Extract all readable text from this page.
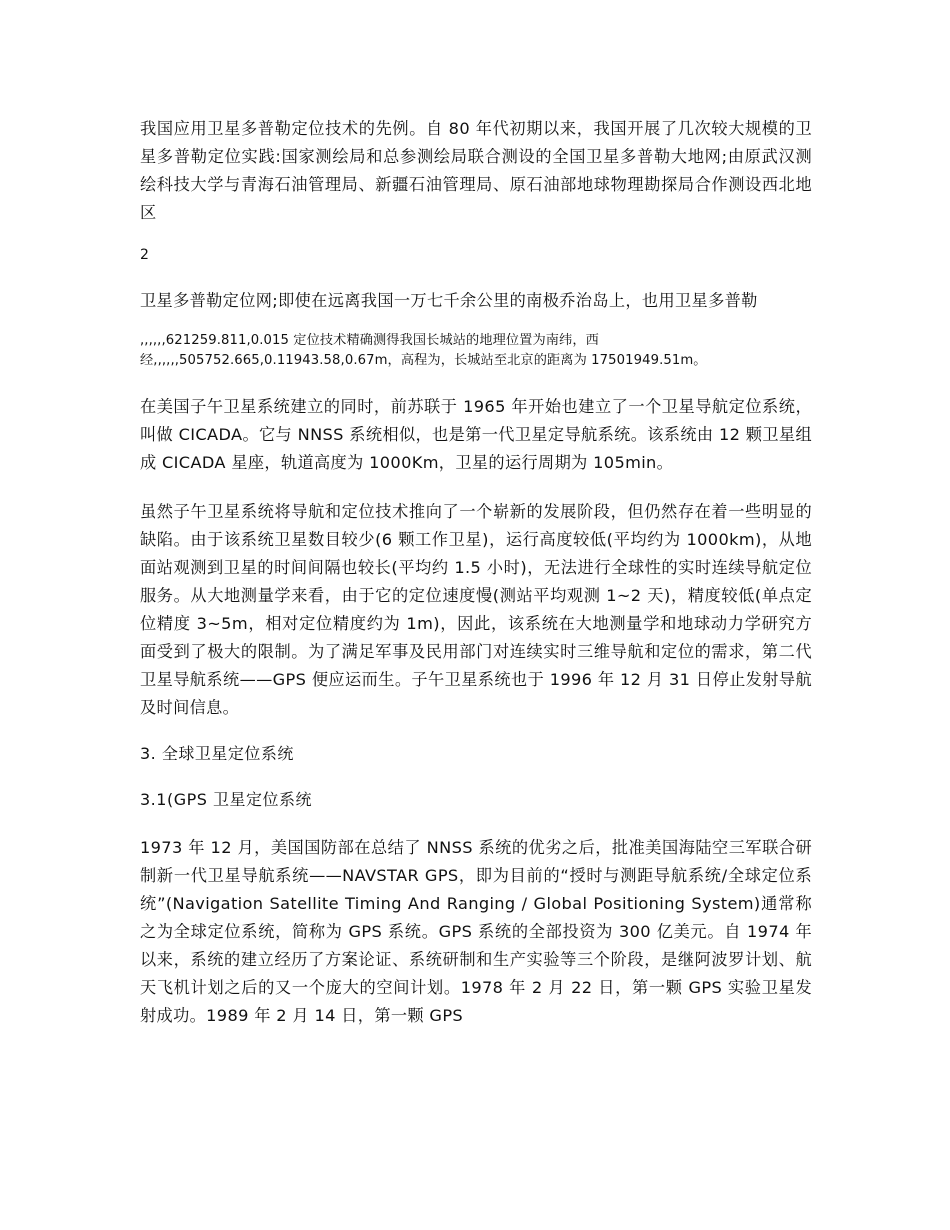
我国应用卫星多普勒定位技术的先例。自 80 年代初期以来，我国开展了几次较大规模的卫星多普勒定位实践:国家测绘局和总参测绘局联合测设的全国卫星多普勒大地网;由原武汉测绘科技大学与青海石油管理局、新疆石油管理局、原石油部地球物理勘探局合作测设西北地区

2

卫星多普勒定位网;即使在远离我国一万七千余公里的南极乔治岛上，也用卫星多普勒

,,,,,,621259.811,0.015 定位技术精确测得我国长城站的地理位置为南纬，西
经,,,,,,505752.665,0.11943.58,0.67m，高程为，长城站至北京的距离为 17501949.51m。

在美国子午卫星系统建立的同时，前苏联于 1965 年开始也建立了一个卫星导航定位系统，叫做 CICADA。它与 NNSS 系统相似，也是第一代卫星定导航系统。该系统由 12 颗卫星组成 CICADA 星座，轨道高度为 1000Km，卫星的运行周期为 105min。

虽然子午卫星系统将导航和定位技术推向了一个崭新的发展阶段，但仍然存在着一些明显的缺陷。由于该系统卫星数目较少(6 颗工作卫星)，运行高度较低(平均约为 1000km)，从地面站观测到卫星的时间间隔也较长(平均约 1.5 小时)，无法进行全球性的实时连续导航定位服务。从大地测量学来看，由于它的定位速度慢(测站平均观测 1~2 天)，精度较低(单点定位精度 3~5m，相对定位精度约为 1m)，因此，该系统在大地测量学和地球动力学研究方面受到了极大的限制。为了满足军事及民用部门对连续实时三维导航和定位的需求，第二代卫星导航系统——GPS 便应运而生。子午卫星系统也于 1996 年 12 月 31 日停止发射导航及时间信息。

3. 全球卫星定位系统

3.1(GPS 卫星定位系统

1973 年 12 月，美国国防部在总结了 NNSS 系统的优劣之后，批准美国海陆空三军联合研制新一代卫星导航系统——NAVSTAR GPS，即为目前的“授时与测距导航系统/全球定位系统”(Navigation Satellite Timing And Ranging / Global Positioning System)通常称之为全球定位系统，简称为 GPS 系统。GPS 系统的全部投资为 300 亿美元。自 1974 年以来，系统的建立经历了方案论证、系统研制和生产实验等三个阶段，是继阿波罗计划、航天飞机计划之后的又一个庞大的空间计划。1978 年 2 月 22 日，第一颗 GPS 实验卫星发射成功。1989 年 2 月 14 日，第一颗 GPS
